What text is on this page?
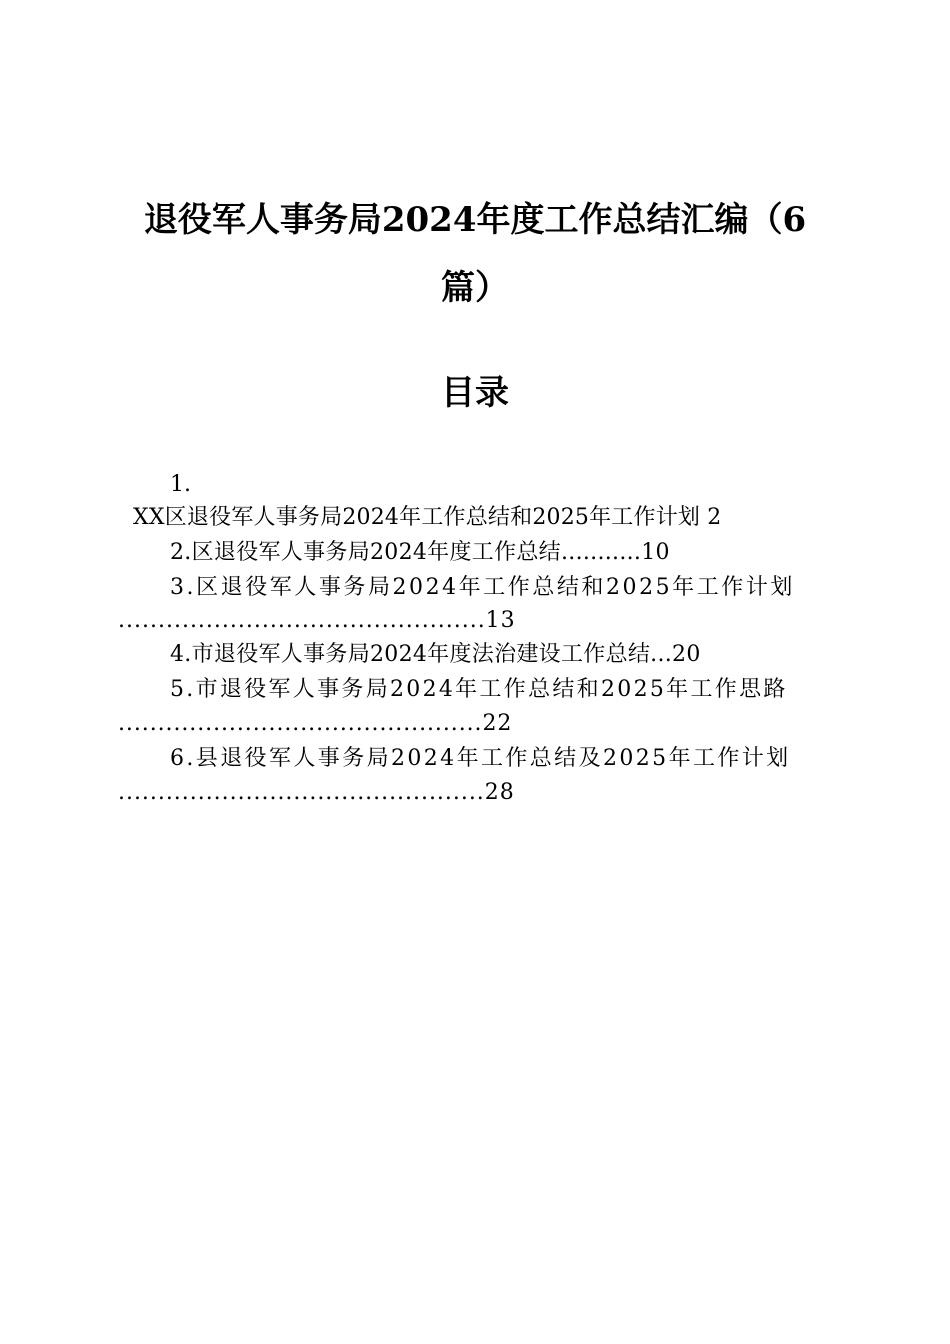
退役军人事务局2024年度工作总结汇编（6
篇）
目录
1.
XX区退役军人事务局2024年工作总结和2025年工作计划 2
2.区退役军人事务局2024年度工作总结...........10
3.区退役军人事务局2024年工作总结和2025年工作计划
..............................................13
4.市退役军人事务局2024年度法治建设工作总结...20
5.市退役军人事务局2024年工作总结和2025年工作思路
..............................................22
6.县退役军人事务局2024年工作总结及2025年工作计划
..............................................28
